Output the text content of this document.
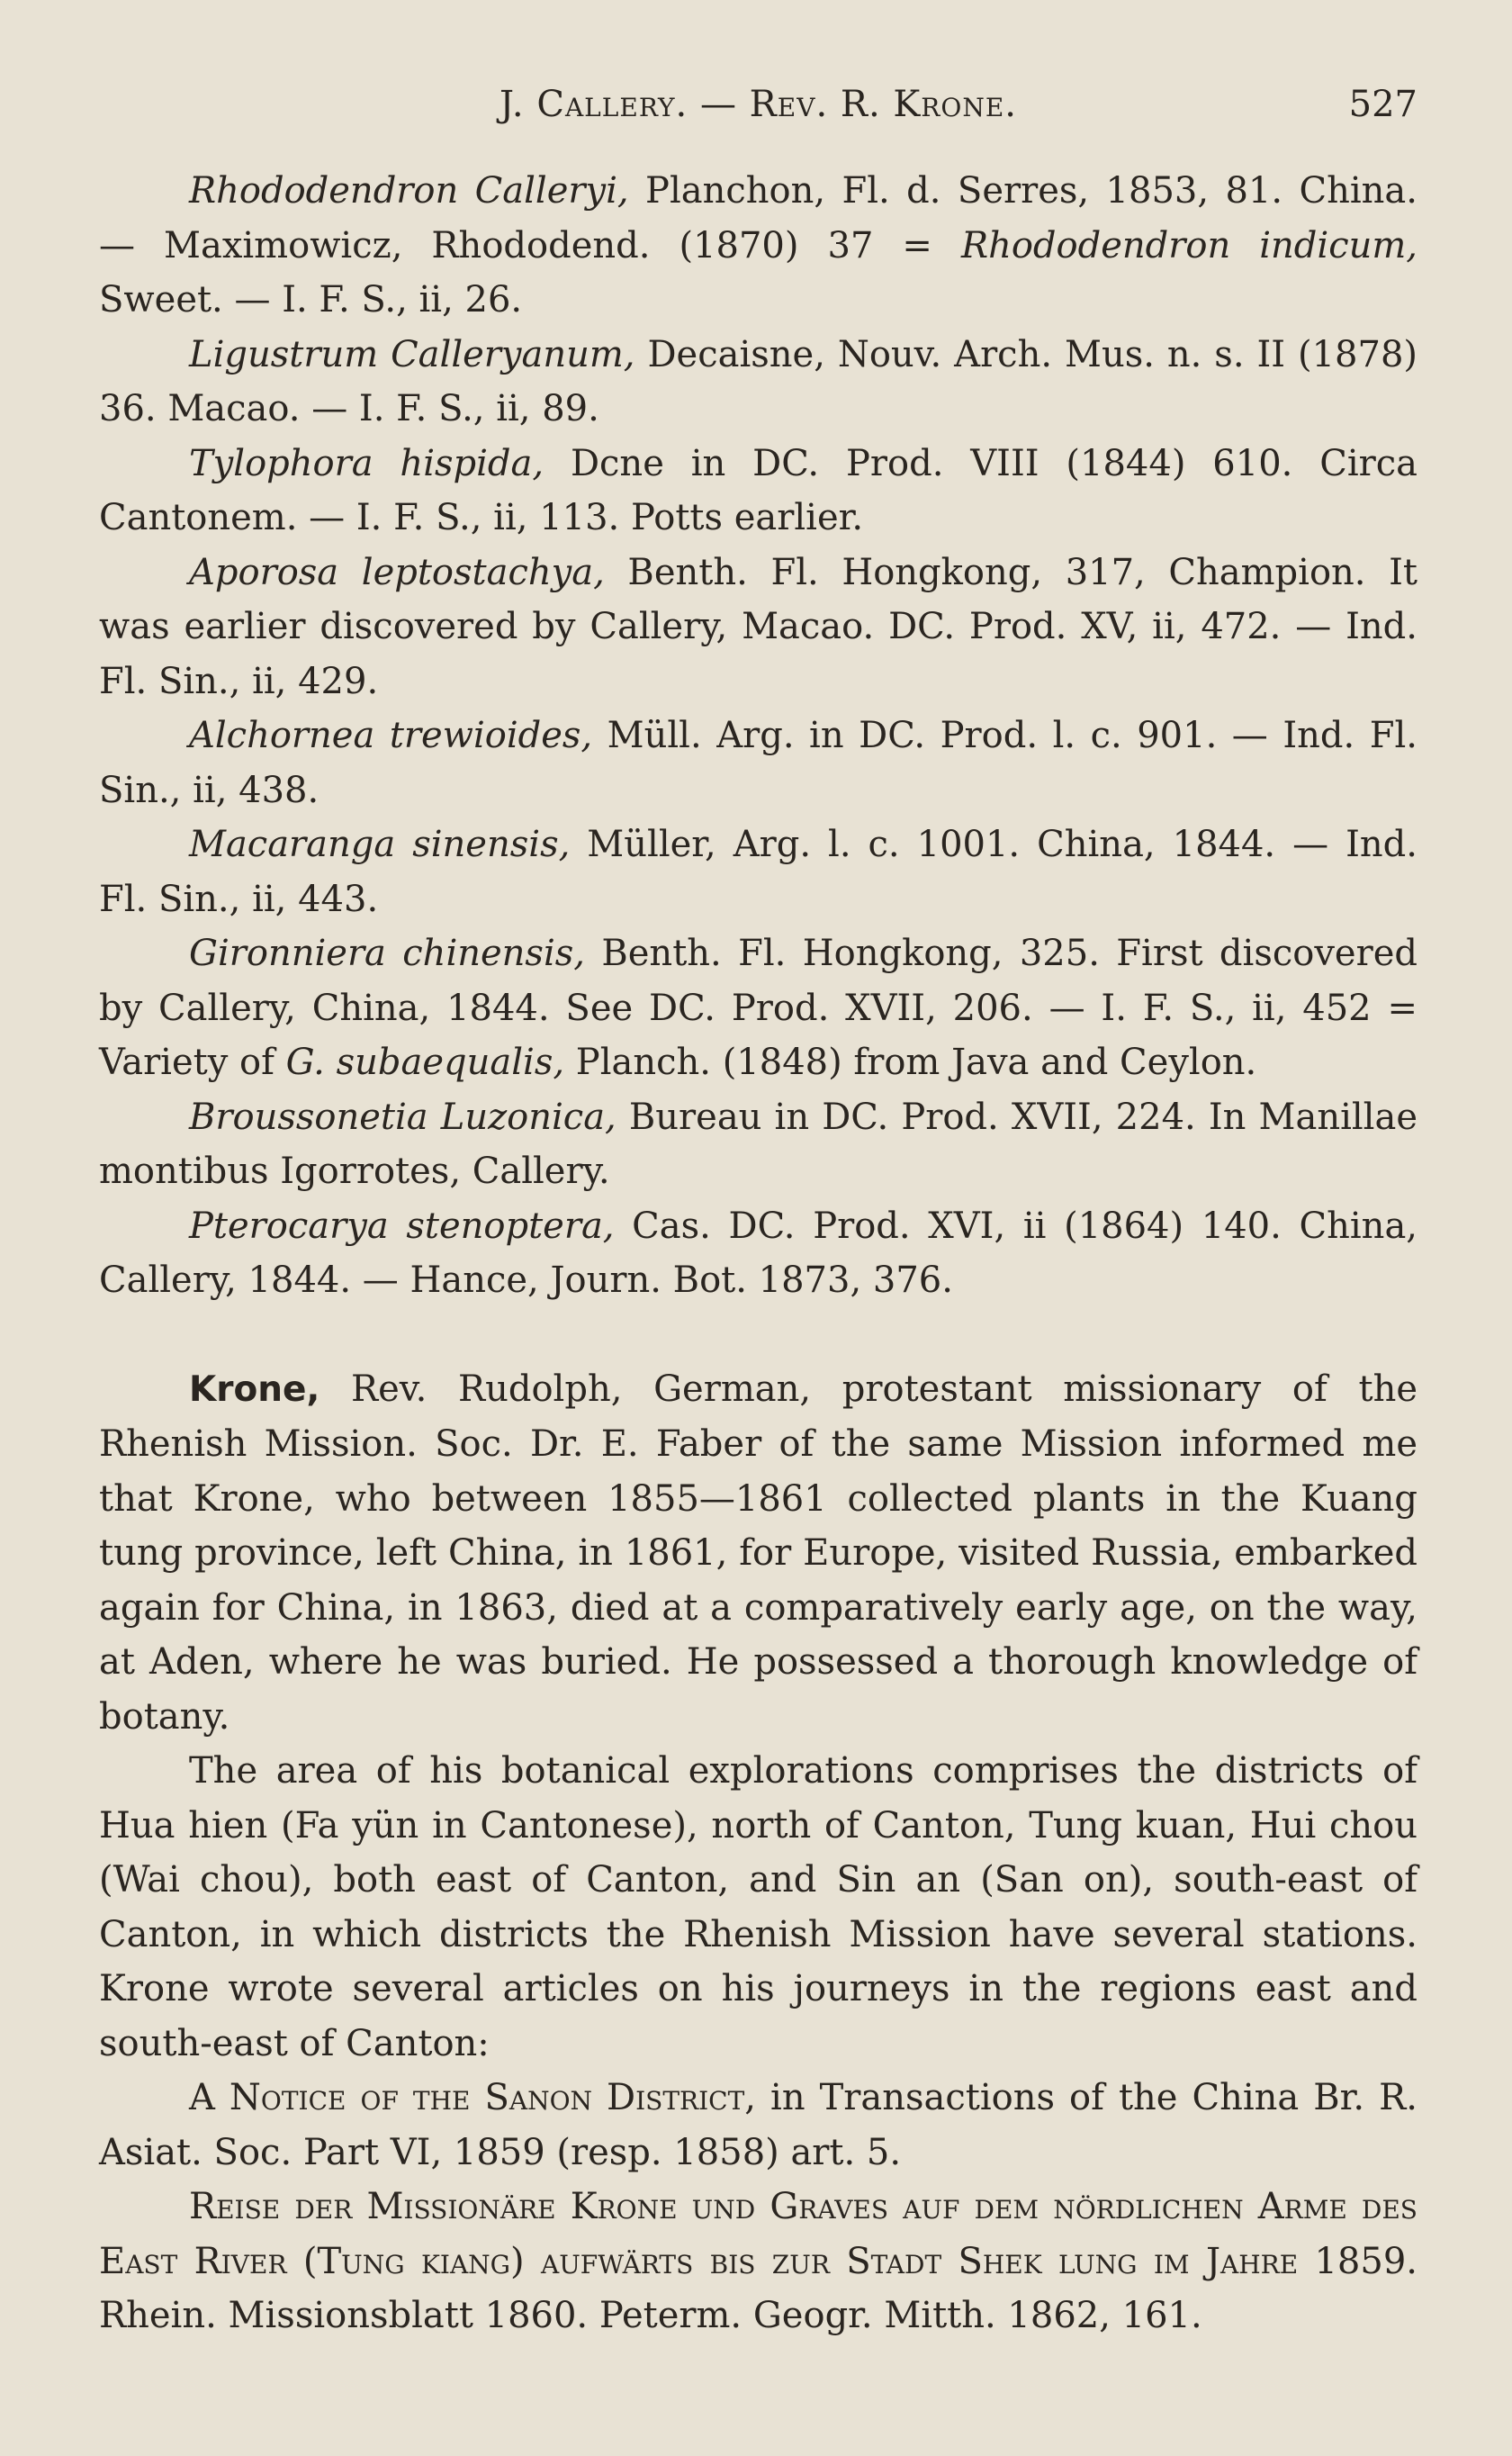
J. Callery. — Rev. R. Krone.	527

Rhododendron Calleryi, Planchon, Fl. d. Serres, 1853, 81. China. — Maximowicz, Rhododend. (1870) 37 = Rhododendron indicum, Sweet. — I. F. S., ii, 26.

Ligustrum Calleryanum, Decaisne, Nouv. Arch. Mus. n. s. II (1878) 36. Macao. — I. F. S., ii, 89.

Tylophora hispida, Dcne in DC. Prod. VIII (1844) 610. Circa Cantonem. — I. F. S., ii, 113. Potts earlier.

Aporosa leptostachya, Benth. Fl. Hongkong, 317, Champion. It was earlier discovered by Callery, Macao. DC. Prod. XV, ii, 472. — Ind. Fl. Sin., ii, 429.

Alchornea trewioides, Müll. Arg. in DC. Prod. l. c. 901. — Ind. Fl. Sin., ii, 438.

Macaranga sinensis, Müller, Arg. l. c. 1001. China, 1844. — Ind. Fl. Sin., ii, 443.

Gironniera chinensis, Benth. Fl. Hongkong, 325. First discovered by Callery, China, 1844. See DC. Prod. XVII, 206. — I. F. S., ii, 452 = Variety of G. subaequalis, Planch. (1848) from Java and Ceylon.

Broussonetia Luzonica, Bureau in DC. Prod. XVII, 224. In Manillae montibus Igorrotes, Callery.

Pterocarya stenoptera, Cas. DC. Prod. XVI, ii (1864) 140. China, Callery, 1844. — Hance, Journ. Bot. 1873, 376.

Krone, Rev. Rudolph, German, protestant missionary of the Rhenish Mission. Soc. Dr. E. Faber of the same Mission informed me that Krone, who between 1855—1861 collected plants in the Kuang tung province, left China, in 1861, for Europe, visited Russia, embarked again for China, in 1863, died at a comparatively early age, on the way, at Aden, where he was buried. He possessed a thorough knowledge of botany.

The area of his botanical explorations comprises the districts of Hua hien (Fa yün in Cantonese), north of Canton, Tung kuan, Hui chou (Wai chou), both east of Canton, and Sin an (San on), south-east of Canton, in which districts the Rhenish Mission have several stations. Krone wrote several articles on his journeys in the regions east and south-east of Canton:

A Notice of the Sanon District, in Transactions of the China Br. R. Asiat. Soc. Part VI, 1859 (resp. 1858) art. 5.

Reise der Missionäre Krone und Graves auf dem nördlichen Arme des East River (Tung kiang) aufwärts bis zur Stadt Shek lung im Jahre 1859. Rhein. Missionsblatt 1860. Peterm. Geogr. Mitth. 1862, 161.
